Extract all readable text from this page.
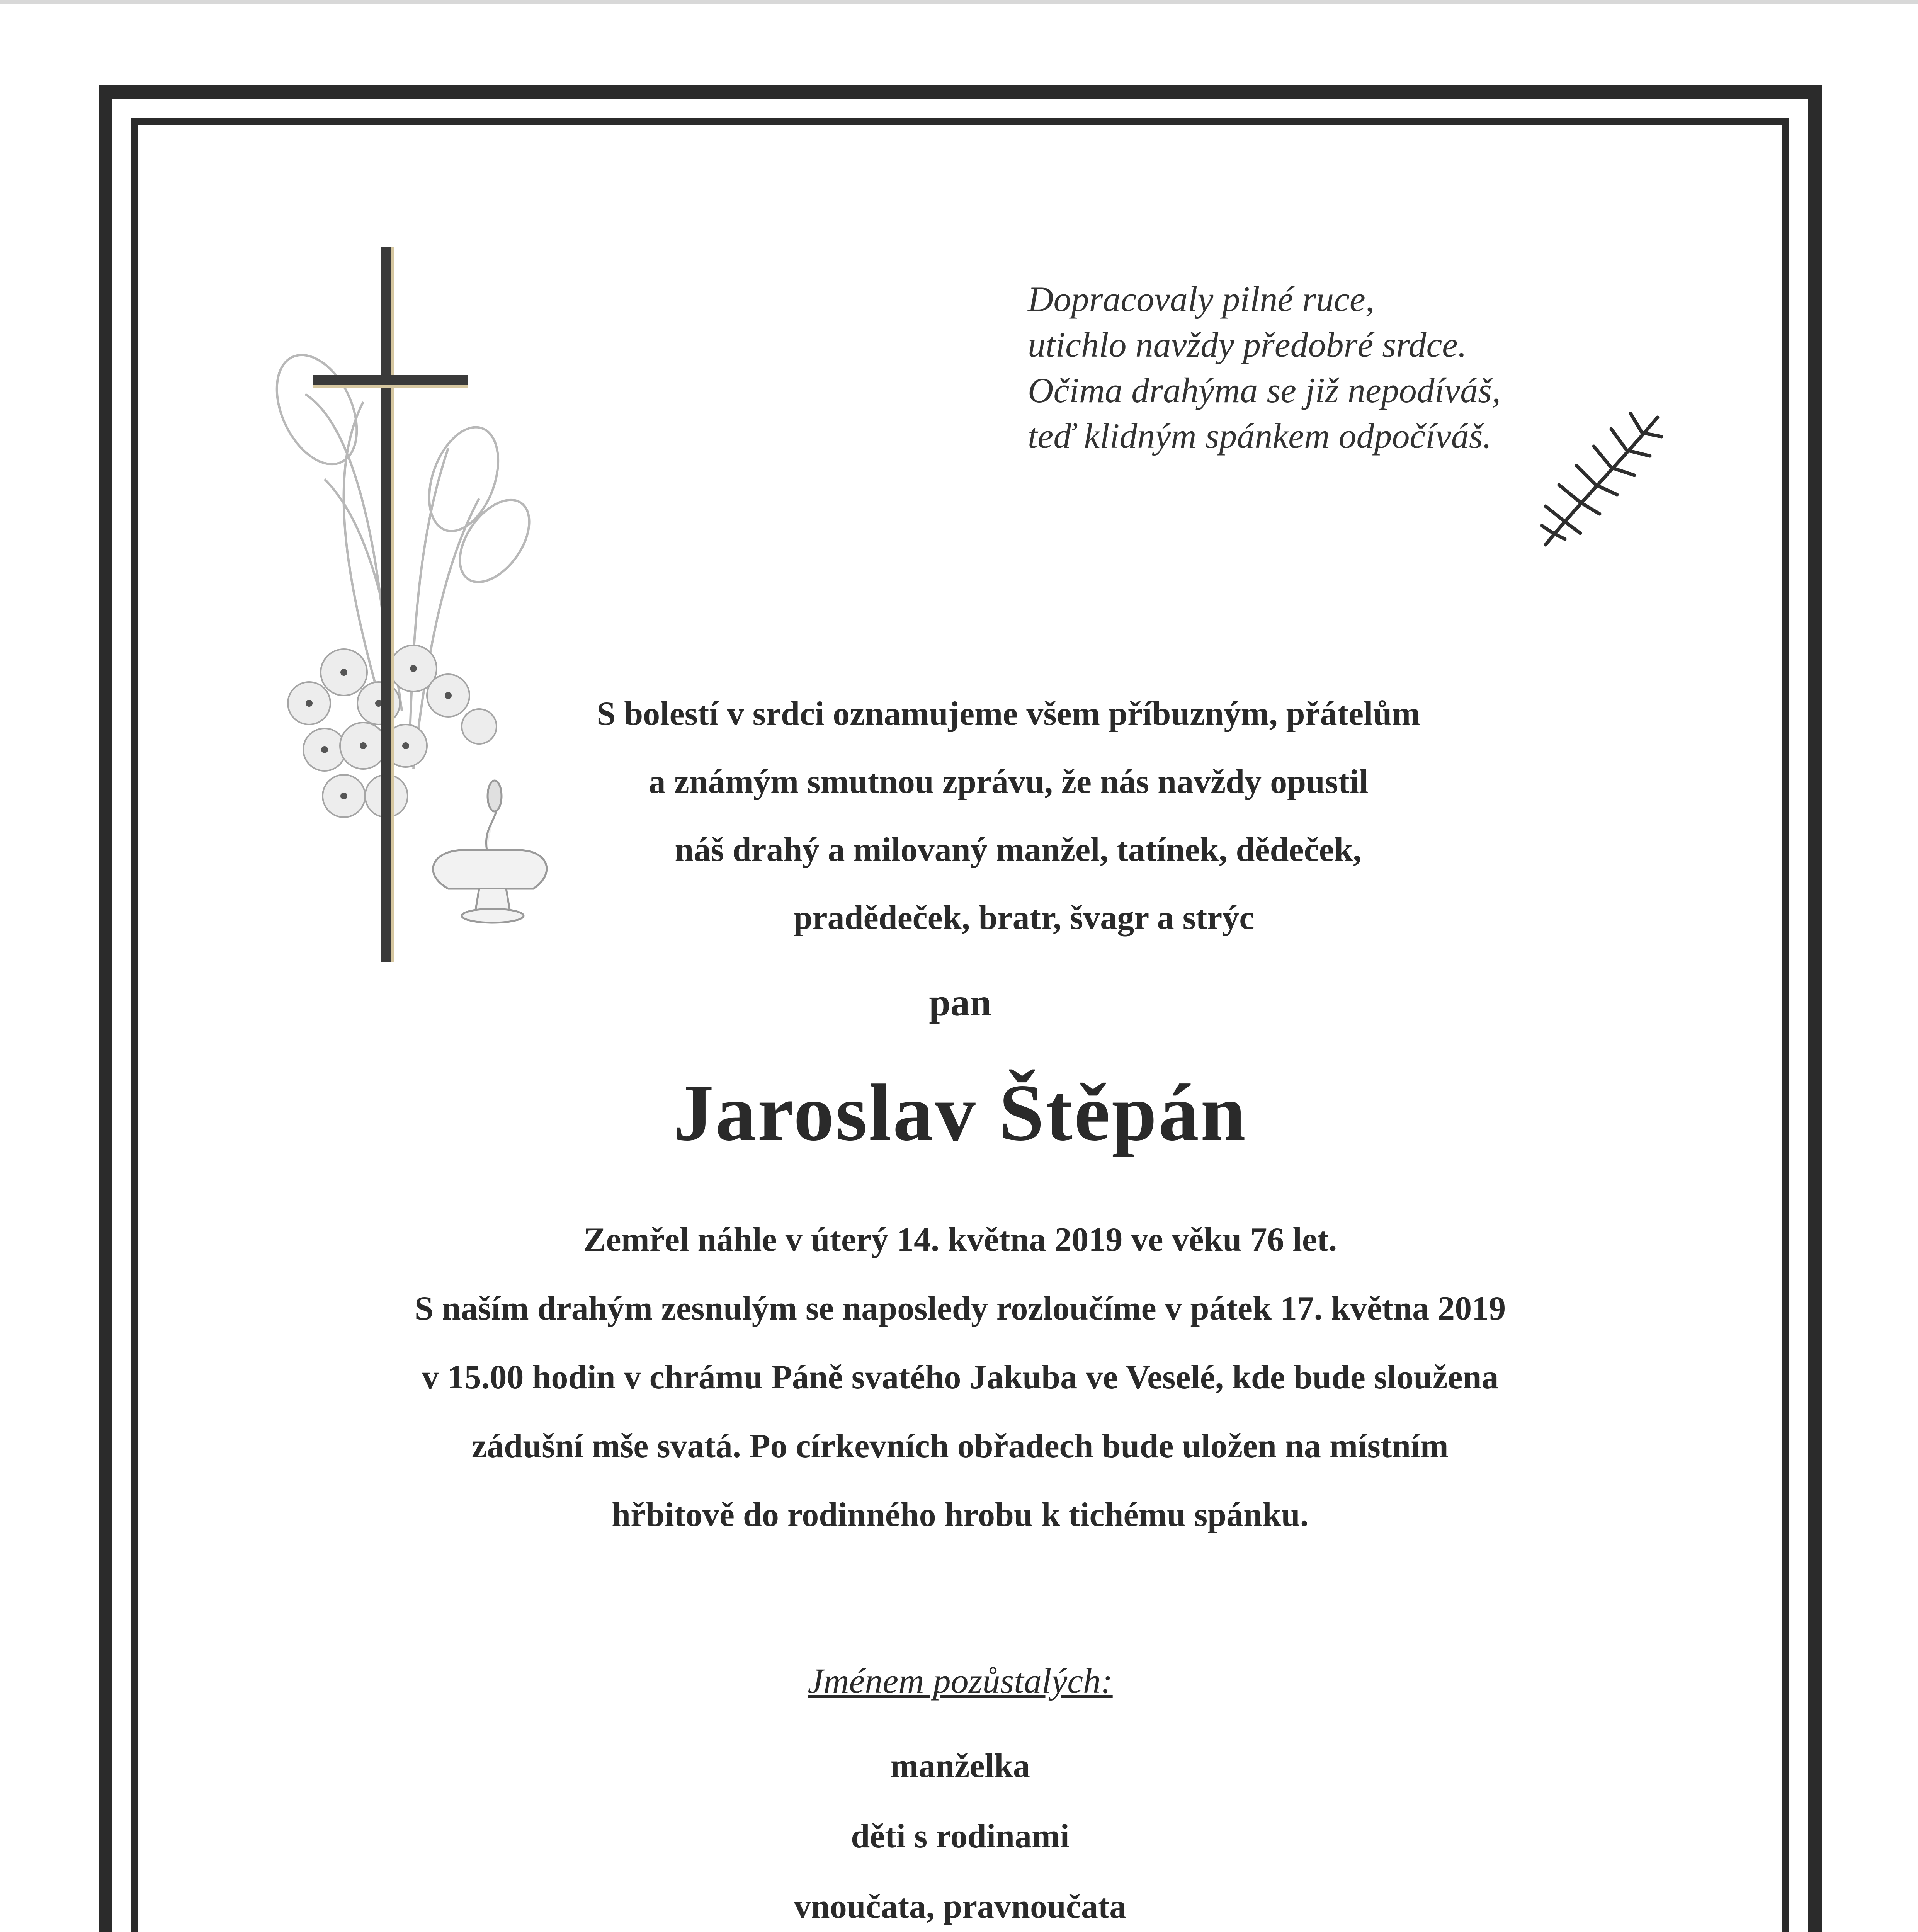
Dopracovaly pilné ruce,
utichlo navždy předobré srdce.
Očima drahýma se již nepodíváš,
teď klidným spánkem odpočíváš.
S bolestí v srdci oznamujeme všem příbuzným, přátelům
a známým smutnou zprávu, že nás navždy opustil
náš drahý a milovaný manžel, tatínek, dědeček,
pradědeček, bratr, švagr a strýc
pan
Jaroslav Štěpán
Zemřel náhle v úterý 14. května 2019 ve věku 76 let.
S naším drahým zesnulým se naposledy rozloučíme v pátek 17. května 2019
v 15.00 hodin v chrámu Páně svatého Jakuba ve Veselé, kde bude sloužena
zádušní mše svatá. Po církevních obřadech bude uložen na místním
hřbitově do rodinného hrobu k tichému spánku.
Jménem pozůstalých:
manželka
děti s rodinami
vnoučata, pravnoučata
